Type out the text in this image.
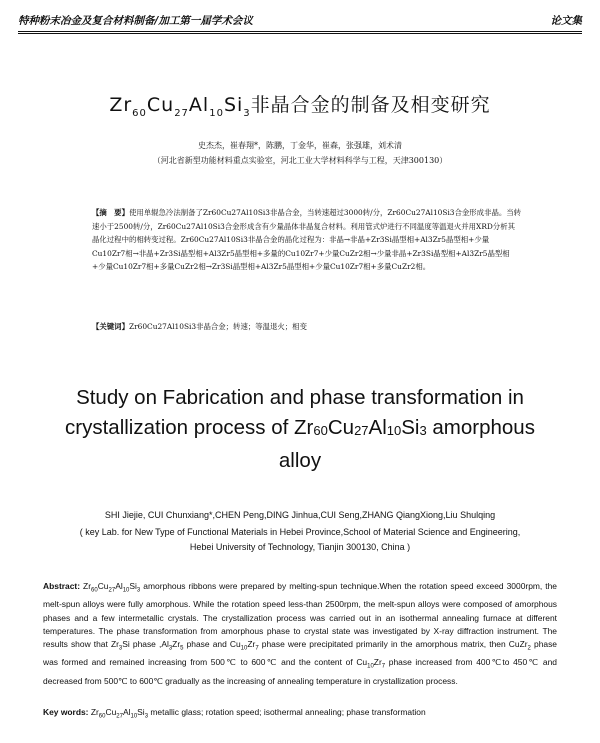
特种粉末冶金及复合材料制备/加工第一届学术会议	论文集
$Zr_{60}Cu_{27}Al_{10}Si_3$非晶合金的制备及相变研究
史杰杰，崔春翔*，陈鹏，丁金华，崔森，张强雄，刘术清
（河北省新型功能材料重点实验室，河北工业大学材料科学与工程，天津300130）
【摘　要】使用单辊急冷法制备了Zr60Cu27Al10Si3非晶合金，当转速超过3000转/分，Zr60Cu27Al10Si3合金形成非晶。当转速小于2500转/分，Zr60Cu27Al10Si3合金形成含有少量晶体非晶复合材料。利用管式炉进行不同温度等温退火并用XRD分析其晶化过程中的相转变过程。Zr60Cu27Al10Si3非晶合金的晶化过程为：非晶→非晶+Zr3Si晶型相+Al3Zr5晶型相+少量Cu10Zr7相→非晶+Zr3Si晶型相+Al3Zr5晶型相+多量的Cu10Zr7+少量CuZr2相→少量非晶+Zr3Si晶型相+Al3Zr5晶型相+少量Cu10Zr7相+多量CuZr2相→Zr3Si晶型相+Al3Zr5晶型相+少量Cu10Zr7相+多量CuZr2相。
【关键词】Zr60Cu27Al10Si3非晶合金；转速；等温退火；相变
Study on Fabrication and phase transformation in
crystallization process of $Zr_{60}Cu_{27}Al_{10}Si_3$ amorphous
alloy
SHI Jiejie, CUI Chunxiang*,CHEN Peng,DING Jinhua,CUI Seng,ZHANG QiangXiong,Liu Shulqing
( key Lab. for New Type of Functional Materials in Hebei Province,School of Material Science and Engineering,
Hebei University of Technology, Tianjin 300130, China )
Abstract: $Zr_{60}Cu_{27}Al_{10}Si_3$ amorphous ribbons were prepared by melting-spun technique.When the rotation speed exceed 3000rpm, the melt-spun alloys were fully amorphous. While the rotation speed less-than 2500rpm, the melt-spun alloys were composed of amorphous phases and a few intermetallic crystals. The crystallization process was carried out in an isothermal annealing furnace at different temperatures. The phase transformation from amorphous phase to crystal state was investigated by X-ray diffraction instrument. The results show that $Zr_3Si$ phase $,Al_3Zr_5$ phase and $Cu_{10}Zr_7$ phase were precipitated primarily in the amorphous matrix, then CuZr$_2$ phase was formed and remained increasing from 500℃ to 600℃ and the content of $Cu_{10}Zr_7$ phase increased from 400℃to 450℃ and decreased from 500℃ to 600℃ gradually as the increasing of annealing temperature in crystallization process.
Key words: $Zr_{60}Cu_{27}Al_{10}Si_3$ metallic glass; rotation speed; isothermal annealing; phase transformation
